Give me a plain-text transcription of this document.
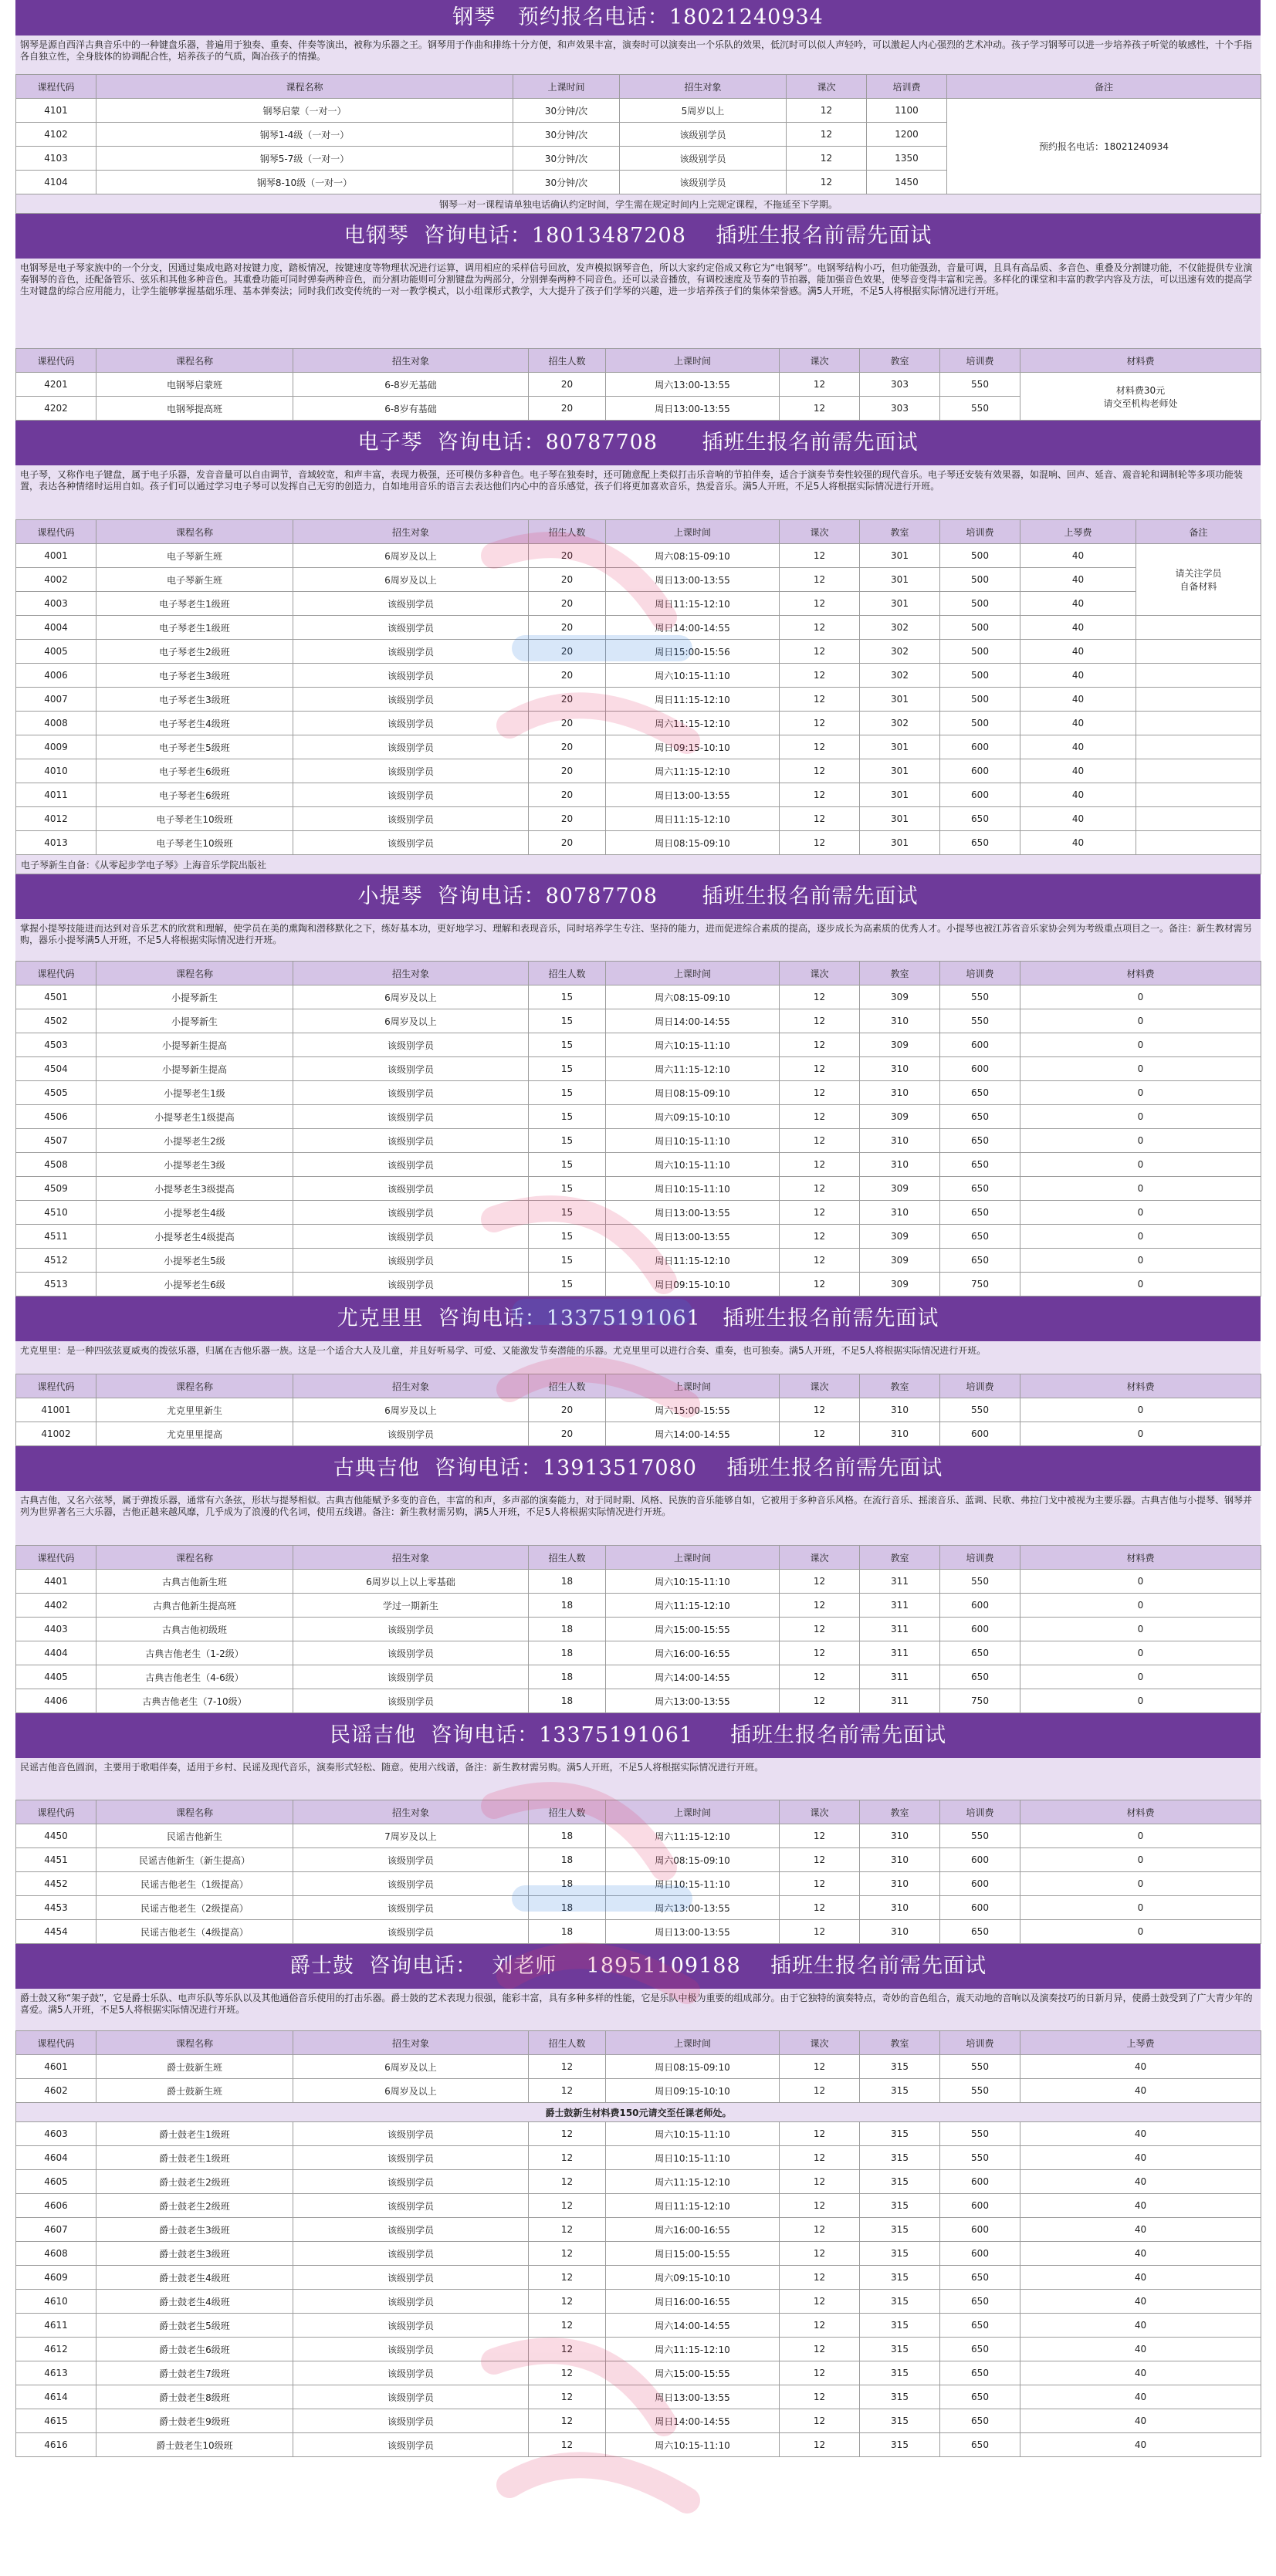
钢琴   预约报名电话：18021240934
钢琴是源自西洋古典音乐中的一种键盘乐器，普遍用于独奏、重奏、伴奏等演出，被称为乐器之王。钢琴用于作曲和排练十分方便，和声效果丰富，演奏时可以演奏出一个乐队的效果，低沉时可以似人声轻吟，可以激起人内心强烈的艺术冲动。孩子学习钢琴可以进一步培养孩子听觉的敏感性，十个手指各自独立性，全身肢体的协调配合性，培养孩子的气质，陶冶孩子的情操。
课程代码	课程名称	上课时间	招生对象	课次	培训费	备注
4101	钢琴启蒙（一对一）	30分钟/次	5周岁以上	12	1100	预约报名电话：18021240934
4102	钢琴1-4级（一对一）	30分钟/次	该级别学员	12	1200	
4103	钢琴5-7级（一对一）	30分钟/次	该级别学员	12	1350	
4104	钢琴8-10级（一对一）	30分钟/次	该级别学员	12	1450	
钢琴一对一课程请单独电话确认约定时间，学生需在规定时间内上完规定课程，不拖延至下学期。						
电钢琴  咨询电话：18013487208    插班生报名前需先面试
电钢琴是电子琴家族中的一个分支，因通过集成电路对按键力度，踏板情况，按键速度等物理状况进行运算，调用相应的采样信号回放，发声模拟钢琴音色，所以大家约定俗成又称它为“电钢琴”。电钢琴结构小巧，但功能强劲，音量可调，且具有高品质、多音色、重叠及分割键功能，不仅能提供专业演奏钢琴的音色，还配备管乐、弦乐和其他多种音色。其重叠功能可同时弹奏两种音色，而分割功能则可分割键盘为两部分，分别弹奏两种不同音色。还可以录音播放，有调校速度及节奏的节拍器，能加强音色效果，使琴音变得丰富和完善。多样化的课堂和丰富的教学内容及方法，可以迅速有效的提高学生对键盘的综合应用能力，让学生能够掌握基础乐理、基本弹奏法；同时我们改变传统的一对一教学模式，以小组课形式教学，大大提升了孩子们学琴的兴趣，进一步培养孩子们的集体荣誉感。满5人开班，不足5人将根据实际情况进行开班。
课程代码	课程名称	招生对象	招生人数	上课时间	课次	教室	培训费	材料费
4201	电钢琴启蒙班	6-8岁无基础	20	周六13:00-13:55	12	303	550	材料费30元
请交至机构老师处
4202	电钢琴提高班	6-8岁有基础	20	周日13:00-13:55	12	303	550	
电子琴  咨询电话：80787708      插班生报名前需先面试
电子琴，又称作电子键盘，属于电子乐器，发音音量可以自由调节，音域较宽，和声丰富，表现力极强，还可模仿多种音色。电子琴在独奏时，还可随意配上类似打击乐音响的节拍伴奏，适合于演奏节奏性较强的现代音乐。电子琴还安装有效果器，如混响、回声、延音、震音轮和调制轮等多项功能装置，表达各种情绪时运用自如。孩子们可以通过学习电子琴可以发挥自己无穷的创造力，自如地用音乐的语言去表达他们内心中的音乐感觉，孩子们将更加喜欢音乐，热爱音乐。满5人开班，不足5人将根据实际情况进行开班。
课程代码	课程名称	招生对象	招生人数	上课时间	课次	教室	培训费	上琴费	备注
4001	电子琴新生班	6周岁及以上	20	周六08:15-09:10	12	301	500	40	请关注学员
自备材料
4002	电子琴新生班	6周岁及以上	20	周日13:00-13:55	12	301	500	40	
4003	电子琴老生1级班	该级别学员	20	周日11:15-12:10	12	301	500	40	
4004	电子琴老生1级班	该级别学员	20	周日14:00-14:55	12	302	500	40	
4005	电子琴老生2级班	该级别学员	20	周日15:00-15:56	12	302	500	40	
4006	电子琴老生3级班	该级别学员	20	周六10:15-11:10	12	302	500	40	
4007	电子琴老生3级班	该级别学员	20	周日11:15-12:10	12	301	500	40	
4008	电子琴老生4级班	该级别学员	20	周六11:15-12:10	12	302	500	40	
4009	电子琴老生5级班	该级别学员	20	周日09:15-10:10	12	301	600	40	
4010	电子琴老生6级班	该级别学员	20	周六11:15-12:10	12	301	600	40	
4011	电子琴老生6级班	该级别学员	20	周日13:00-13:55	12	301	600	40	
4012	电子琴老生10级班	该级别学员	20	周日11:15-12:10	12	301	650	40	
4013	电子琴老生10级班	该级别学员	20	周日08:15-09:10	12	301	650	40	
电子琴新生自备：《从零起步学电子琴》上海音乐学院出版社									
小提琴  咨询电话：80787708      插班生报名前需先面试
掌握小提琴技能进而达到对音乐艺术的欣赏和理解，使学员在美的熏陶和潜移默化之下，练好基本功，更好地学习、理解和表现音乐，同时培养学生专注、坚持的能力，进而促进综合素质的提高，逐步成长为高素质的优秀人才。小提琴也被江苏省音乐家协会列为考级重点项目之一。备注：新生教材需另购，器乐小提琴满5人开班，不足5人将根据实际情况进行开班。
课程代码	课程名称	招生对象	招生人数	上课时间	课次	教室	培训费	材料费
4501	小提琴新生	6周岁及以上	15	周六08:15-09:10	12	309	550	0
4502	小提琴新生	6周岁及以上	15	周日14:00-14:55	12	310	550	0
4503	小提琴新生提高	该级别学员	15	周六10:15-11:10	12	309	600	0
4504	小提琴新生提高	该级别学员	15	周六11:15-12:10	12	310	600	0
4505	小提琴老生1级	该级别学员	15	周日08:15-09:10	12	310	650	0
4506	小提琴老生1级提高	该级别学员	15	周六09:15-10:10	12	309	650	0
4507	小提琴老生2级	该级别学员	15	周日10:15-11:10	12	310	650	0
4508	小提琴老生3级	该级别学员	15	周六10:15-11:10	12	310	650	0
4509	小提琴老生3级提高	该级别学员	15	周日10:15-11:10	12	309	650	0
4510	小提琴老生4级	该级别学员	15	周日13:00-13:55	12	310	650	0
4511	小提琴老生4级提高	该级别学员	15	周日13:00-13:55	12	309	650	0
4512	小提琴老生5级	该级别学员	15	周日11:15-12:10	12	309	650	0
4513	小提琴老生6级	该级别学员	15	周日09:15-10:10	12	309	750	0
尤克里里  咨询电话：13375191061   插班生报名前需先面试
尤克里里：是一种四弦弦夏威夷的拨弦乐器，归属在吉他乐器一族。这是一个适合大人及儿童，并且好听易学、可爱、又能激发节奏潜能的乐器。尤克里里可以进行合奏、重奏，也可独奏。满5人开班，不足5人将根据实际情况进行开班。
课程代码	课程名称	招生对象	招生人数	上课时间	课次	教室	培训费	材料费
41001	尤克里里新生	6周岁及以上	20	周六15:00-15:55	12	310	550	0
41002	尤克里里提高	该级别学员	20	周六14:00-14:55	12	310	600	0
古典吉他  咨询电话：13913517080    插班生报名前需先面试
古典吉他，又名六弦琴，属于弹拨乐器，通常有六条弦，形状与提琴相似。古典吉他能赋予多变的音色，丰富的和声，多声部的演奏能力，对于同时期、风格、民族的音乐能够自如，它被用于多种音乐风格。在流行音乐、摇滚音乐、蓝调、民歌、弗拉门戈中被视为主要乐器。古典吉他与小提琴、钢琴并列为世界著名三大乐器，吉他正越来越风靡，几乎成为了浪漫的代名词，使用五线谱。备注：新生教材需另购，满5人开班，不足5人将根据实际情况进行开班。
课程代码	课程名称	招生对象	招生人数	上课时间	课次	教室	培训费	材料费
4401	古典吉他新生班	6周岁以上以上零基础	18	周六10:15-11:10	12	311	550	0
4402	古典吉他新生提高班	学过一期新生	18	周六11:15-12:10	12	311	600	0
4403	古典吉他初级班	该级别学员	18	周六15:00-15:55	12	311	600	0
4404	古典吉他老生（1-2级）	该级别学员	18	周六16:00-16:55	12	311	650	0
4405	古典吉他老生（4-6级）	该级别学员	18	周六14:00-14:55	12	311	650	0
4406	古典吉他老生（7-10级）	该级别学员	18	周六13:00-13:55	12	311	750	0
民谣吉他  咨询电话：13375191061     插班生报名前需先面试
民谣吉他音色圆润，主要用于歌唱伴奏，适用于乡村、民谣及现代音乐，演奏形式轻松、随意。使用六线谱，备注：新生教材需另购。满5人开班，不足5人将根据实际情况进行开班。
课程代码	课程名称	招生对象	招生人数	上课时间	课次	教室	培训费	材料费
4450	民谣吉他新生	7周岁及以上	18	周六11:15-12:10	12	310	550	0
4451	民谣吉他新生（新生提高）	该级别学员	18	周六08:15-09:10	12	310	600	0
4452	民谣吉他老生（1级提高）	该级别学员	18	周日10:15-11:10	12	310	600	0
4453	民谣吉他老生（2级提高）	该级别学员	18	周六13:00-13:55	12	310	600	0
4454	民谣吉他老生（4级提高）	该级别学员	18	周日13:00-13:55	12	310	650	0
爵士鼓  咨询电话：  刘老师    18951109188    插班生报名前需先面试
爵士鼓又称“架子鼓”，它是爵士乐队、电声乐队等乐队以及其他通俗音乐使用的打击乐器。爵士鼓的艺术表现力很强，能彩丰富，具有多种多样的性能，它是乐队中极为重要的组成部分。由于它独特的演奏特点，奇妙的音色组合，震天动地的音响以及演奏技巧的日新月异，使爵士鼓受到了广大青少年的喜爱。满5人开班，不足5人将根据实际情况进行开班。
课程代码	课程名称	招生对象	招生人数	上课时间	课次	教室	培训费	上琴费
4601	爵士鼓新生班	6周岁及以上	12	周日08:15-09:10	12	315	550	40
4602	爵士鼓新生班	6周岁及以上	12	周日09:15-10:10	12	315	550	40
爵士鼓新生材料费150元请交至任课老师处。								
4603	爵士鼓老生1级班	该级别学员	12	周六10:15-11:10	12	315	550	40
4604	爵士鼓老生1级班	该级别学员	12	周日10:15-11:10	12	315	550	40
4605	爵士鼓老生2级班	该级别学员	12	周六11:15-12:10	12	315	600	40
4606	爵士鼓老生2级班	该级别学员	12	周日11:15-12:10	12	315	600	40
4607	爵士鼓老生3级班	该级别学员	12	周六16:00-16:55	12	315	600	40
4608	爵士鼓老生3级班	该级别学员	12	周日15:00-15:55	12	315	600	40
4609	爵士鼓老生4级班	该级别学员	12	周六09:15-10:10	12	315	650	40
4610	爵士鼓老生4级班	该级别学员	12	周日16:00-16:55	12	315	650	40
4611	爵士鼓老生5级班	该级别学员	12	周六14:00-14:55	12	315	650	40
4612	爵士鼓老生6级班	该级别学员	12	周六11:15-12:10	12	315	650	40
4613	爵士鼓老生7级班	该级别学员	12	周六15:00-15:55	12	315	650	40
4614	爵士鼓老生8级班	该级别学员	12	周日13:00-13:55	12	315	650	40
4615	爵士鼓老生9级班	该级别学员	12	周日14:00-14:55	12	315	650	40
4616	爵士鼓老生10级班	该级别学员	12	周六10:15-11:10	12	315	650	40
